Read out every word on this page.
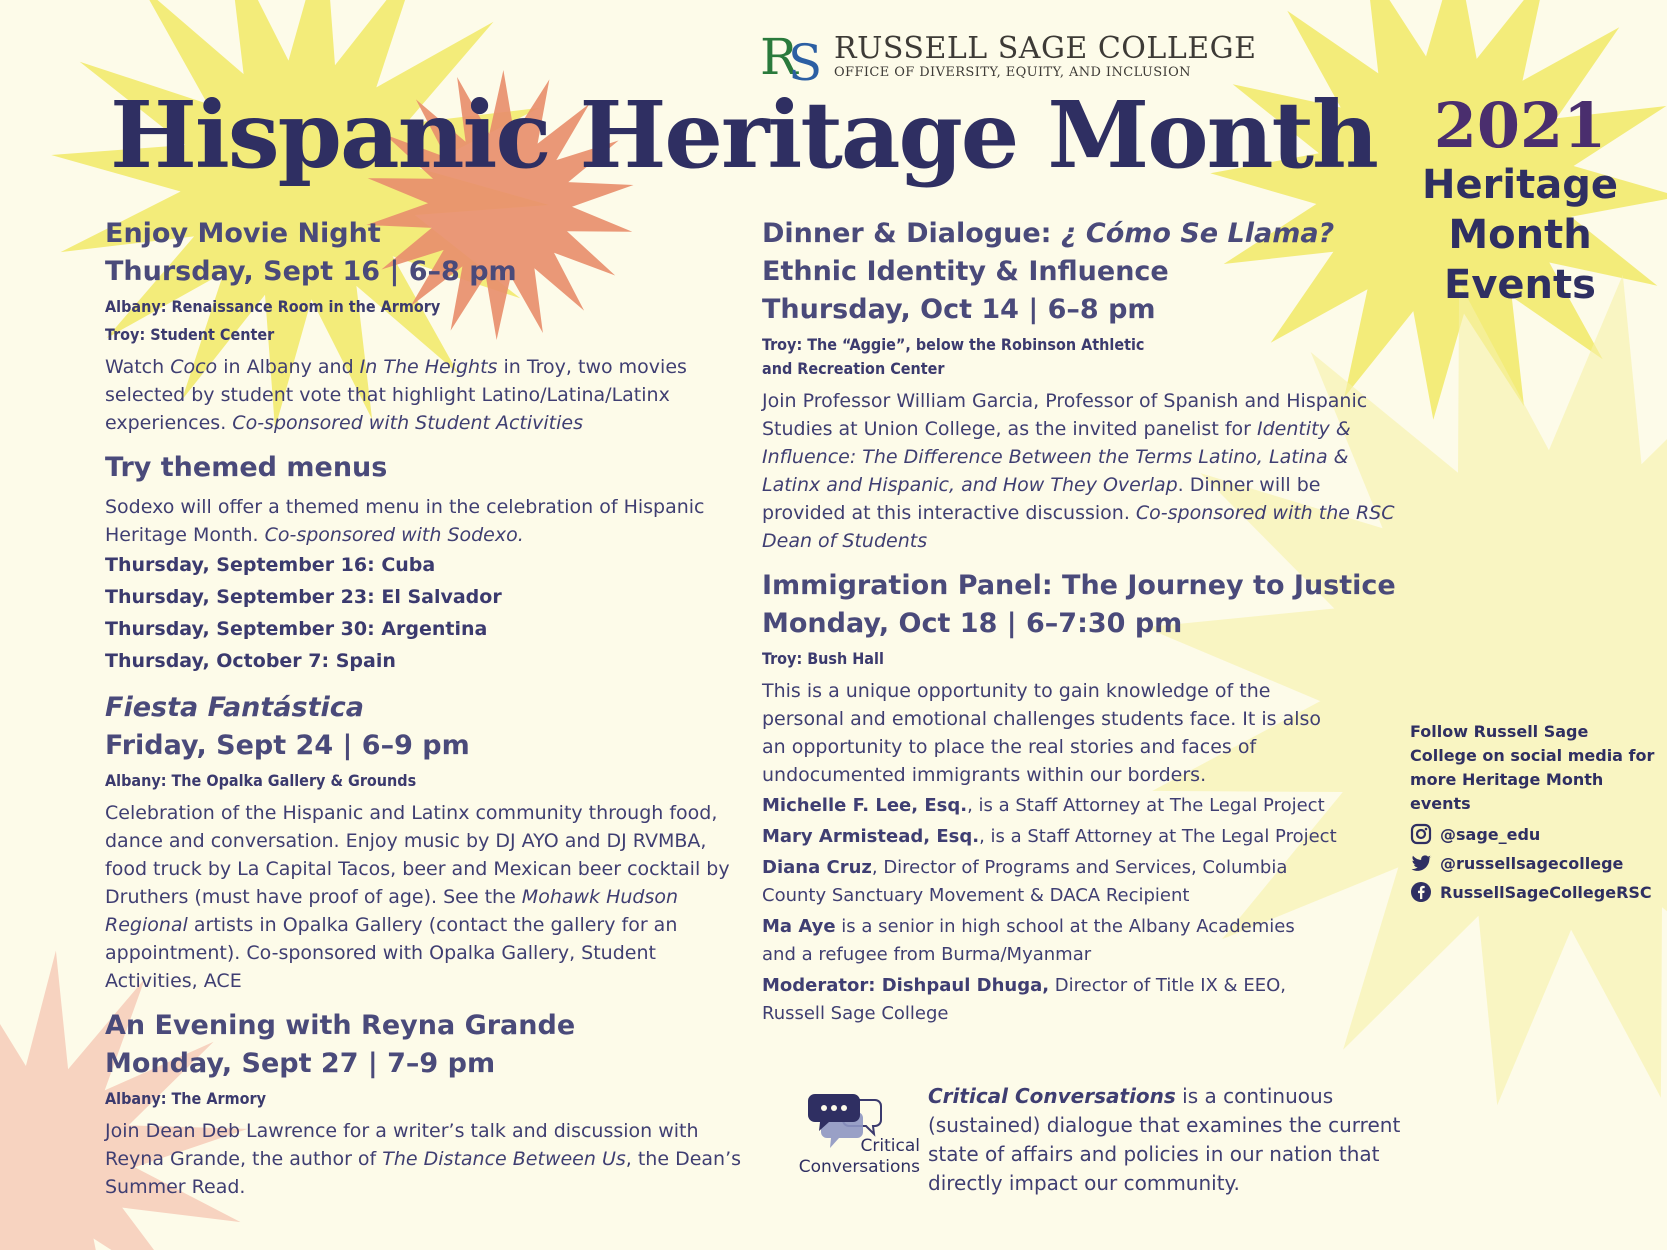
R
S RUSSELL SAGE COLLEGE
OFFICE OF DIVERSITY, EQUITY, AND INCLUSION
Hispanic Heritage Month 2021
Heritage Month Events
Enjoy Movie Night
Thursday, Sept 16 | 6–8 pm
Albany: Renaissance Room in the Armory
Troy: Student Center
Watch Coco in Albany and In The Heights in Troy, two movies selected by student vote that highlight Latino/Latina/Latinx experiences. Co-sponsored with Student Activities
Try themed menus
Sodexo will offer a themed menu in the celebration of Hispanic Heritage Month. Co-sponsored with Sodexo.
Thursday, September 16: Cuba
Thursday, September 23: El Salvador
Thursday, September 30: Argentina
Thursday, October 7: Spain
Fiesta Fantástica
Friday, Sept 24 | 6–9 pm
Albany: The Opalka Gallery & Grounds
Celebration of the Hispanic and Latinx community through food, dance and conversation. Enjoy music by DJ AYO and DJ RVMBA, food truck by La Capital Tacos, beer and Mexican beer cocktail by Druthers (must have proof of age). See the Mohawk Hudson Regional artists in Opalka Gallery (contact the gallery for an appointment). Co-sponsored with Opalka Gallery, Student Activities, ACE
An Evening with Reyna Grande
Monday, Sept 27 | 7–9 pm
Albany: The Armory
Join Dean Deb Lawrence for a writer’s talk and discussion with Reyna Grande, the author of The Distance Between Us, the Dean’s Summer Read.
Dinner & Dialogue: ¿ Cómo Se Llama?
Ethnic Identity & Influence
Thursday, Oct 14 | 6–8 pm
Troy: The “Aggie”, below the Robinson Athletic
and Recreation Center
Join Professor William Garcia, Professor of Spanish and Hispanic Studies at Union College, as the invited panelist for Identity & Influence: The Difference Between the Terms Latino, Latina & Latinx and Hispanic, and How They Overlap. Dinner will be provided at this interactive discussion. Co-sponsored with the RSC Dean of Students
Immigration Panel: The Journey to Justice
Monday, Oct 18 | 6–7:30 pm
Troy: Bush Hall
This is a unique opportunity to gain knowledge of the personal and emotional challenges students face. It is also an opportunity to place the real stories and faces of undocumented immigrants within our borders.
Michelle F. Lee, Esq., is a Staff Attorney at The Legal Project
Mary Armistead, Esq., is a Staff Attorney at The Legal Project
Diana Cruz, Director of Programs and Services, Columbia County Sanctuary Movement & DACA Recipient
Ma Aye is a senior in high school at the Albany Academies and a refugee from Burma/Myanmar
Moderator: Dishpaul Dhuga, Director of Title IX & EEO, Russell Sage College
Follow Russell Sage College on social media for more Heritage Month events
@sage_edu
@russellsagecollege
RussellSageCollegeRSC
Critical
Conversations
Critical Conversations is a continuous (sustained) dialogue that examines the current state of affairs and policies in our nation that directly impact our community.
